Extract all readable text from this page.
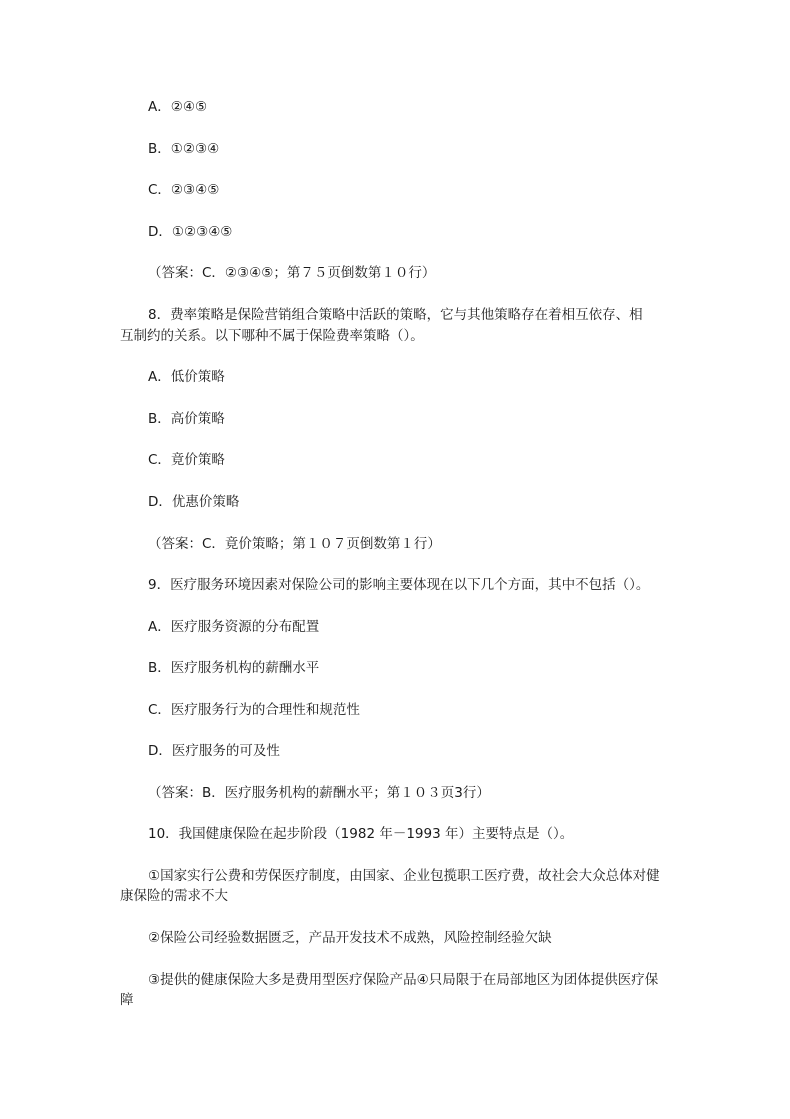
A．②④⑤

B．①②③④

C．②③④⑤

D．①②③④⑤

（答案：C．②③④⑤；第７５页倒数第１０行）

8．费率策略是保险营销组合策略中活跃的策略，它与其他策略存在着相互依存、相

互制约的关系。以下哪种不属于保险费率策略（）。

A．低价策略

B．高价策略

C．竟价策略

D．优惠价策略

（答案：C．竟价策略；第１０７页倒数第１行）

9．医疗服务环境因素对保险公司的影响主要体现在以下几个方面，其中不包括（）。

A．医疗服务资源的分布配置

B．医疗服务机构的薪酬水平

C．医疗服务行为的合理性和规范性

D．医疗服务的可及性

（答案：B．医疗服务机构的薪酬水平；第１０３页3行）

10．我国健康保险在起步阶段（1982 年－1993 年）主要特点是（）。

①国家实行公费和劳保医疗制度，由国家、企业包揽职工医疗费，故社会大众总体对健康保险的需求不大

②保险公司经验数据匮乏，产品开发技术不成熟，风险控制经验欠缺

③提供的健康保险大多是费用型医疗保险产品④只局限于在局部地区为团体提供医疗保障
